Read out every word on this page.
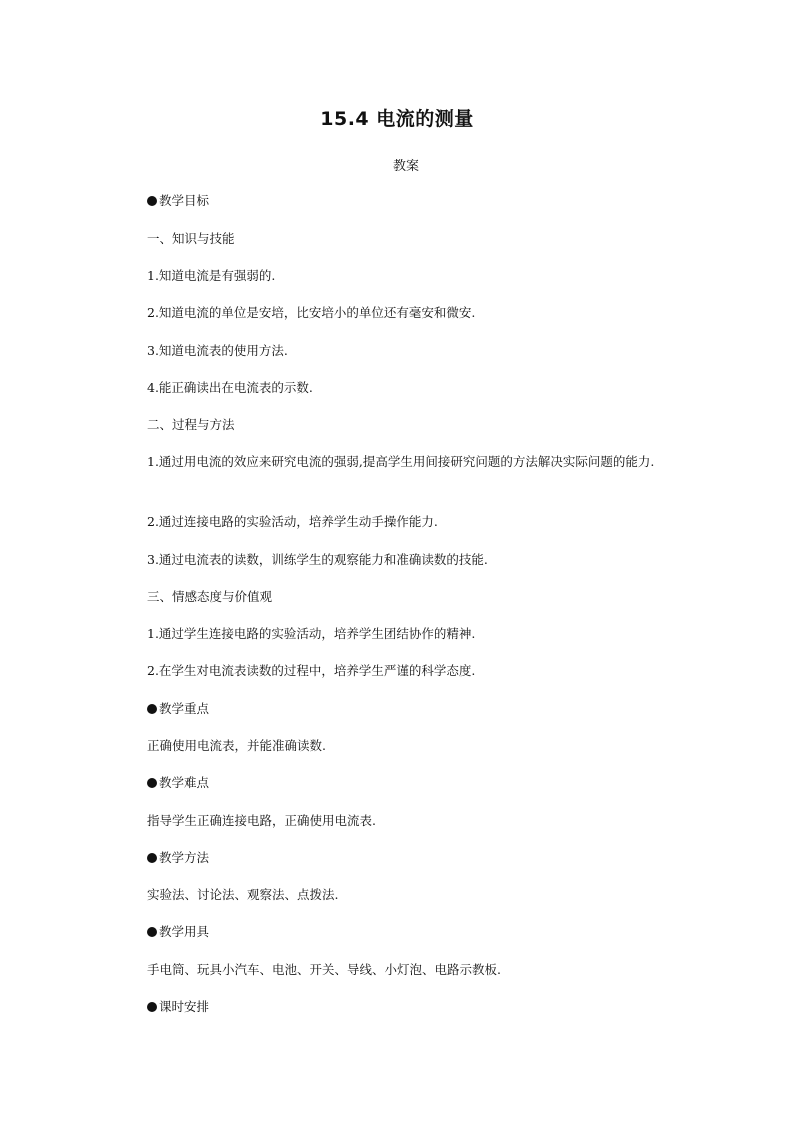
15.4 电流的测量
教案
教学目标
一、知识与技能
1.知道电流是有强弱的.
2.知道电流的单位是安培，比安培小的单位还有毫安和微安.
3.知道电流表的使用方法.
4.能正确读出在电流表的示数.
二、过程与方法
1.通过用电流的效应来研究电流的强弱,提高学生用间接研究问题的方法解决实际问题的能力.
2.通过连接电路的实验活动，培养学生动手操作能力.
3.通过电流表的读数，训练学生的观察能力和准确读数的技能.
三、情感态度与价值观
1.通过学生连接电路的实验活动，培养学生团结协作的精神.
2.在学生对电流表读数的过程中，培养学生严谨的科学态度.
教学重点
正确使用电流表，并能准确读数.
教学难点
指导学生正确连接电路，正确使用电流表.
教学方法
实验法、讨论法、观察法、点拨法.
教学用具
手电筒、玩具小汽车、电池、开关、导线、小灯泡、电路示教板.
课时安排
